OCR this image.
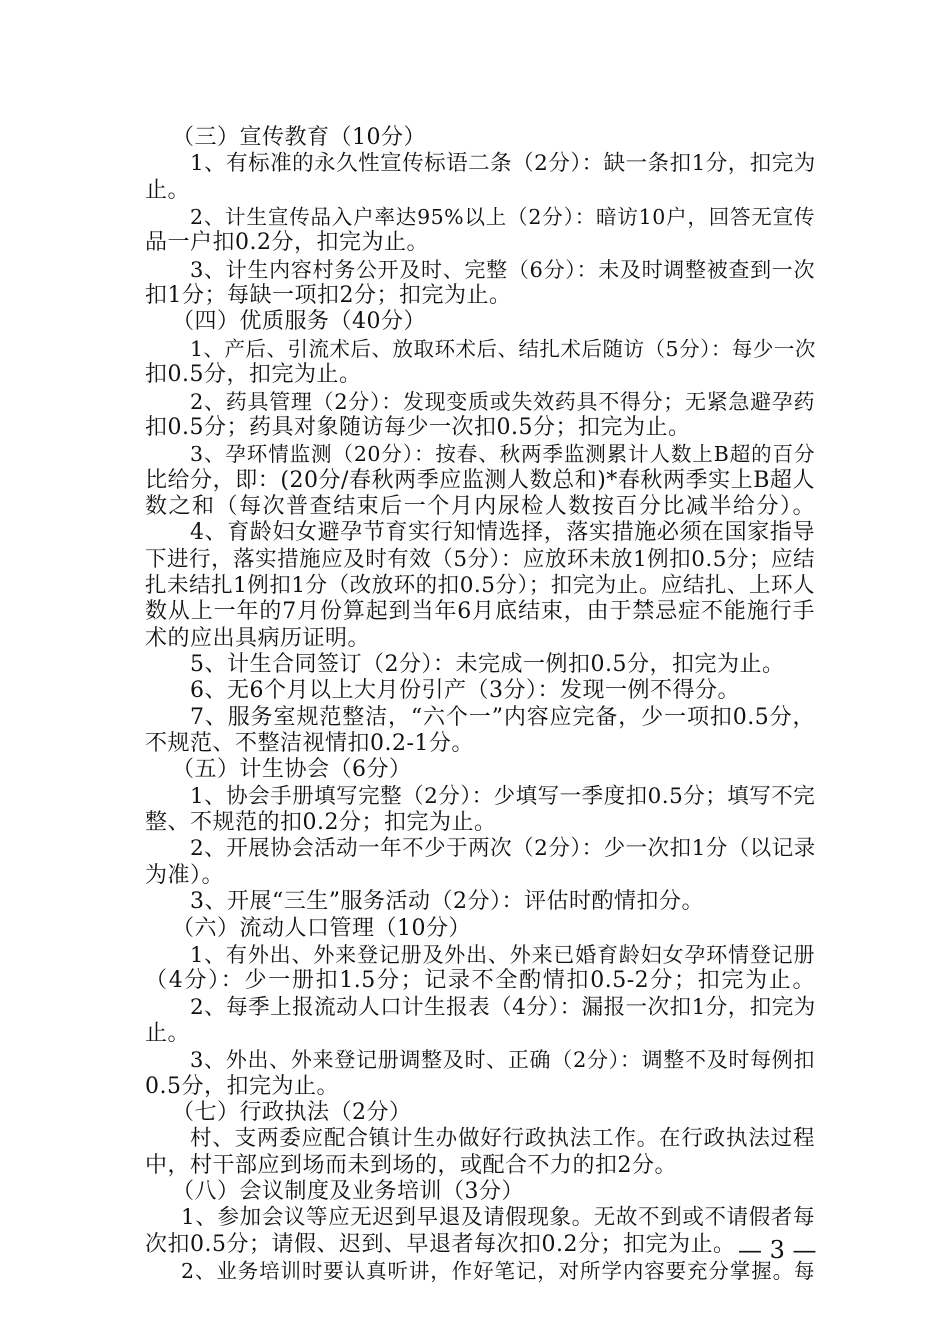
（三）宣传教育（10分）
1、有标准的永久性宣传标语二条（2分）：缺一条扣1分，扣完为
止。
2、计生宣传品入户率达95%以上（2分）：暗访10户，回答无宣传
品一户扣0.2分，扣完为止。
3、计生内容村务公开及时、完整（6分）：未及时调整被查到一次
扣1分；每缺一项扣2分；扣完为止。
（四）优质服务（40分）
1、产后、引流术后、放取环术后、结扎术后随访（5分）：每少一次
扣0.5分，扣完为止。
2、药具管理（2分）：发现变质或失效药具不得分；无紧急避孕药
扣0.5分；药具对象随访每少一次扣0.5分；扣完为止。
3、孕环情监测（20分）：按春、秋两季监测累计人数上B超的百分
比给分，即：(20分/春秋两季应监测人数总和)*春秋两季实上B超人
数之和（每次普查结束后一个月内尿检人数按百分比减半给分）。
4、育龄妇女避孕节育实行知情选择，落实措施必须在国家指导
下进行，落实措施应及时有效（5分）：应放环未放1例扣0.5分；应结
扎未结扎1例扣1分（改放环的扣0.5分）；扣完为止。应结扎、上环人
数从上一年的7月份算起到当年6月底结束，由于禁忌症不能施行手
术的应出具病历证明。
5、计生合同签订（2分）：未完成一例扣0.5分，扣完为止。
6、无6个月以上大月份引产（3分）：发现一例不得分。
7、服务室规范整洁，“六个一”内容应完备，少一项扣0.5分，
不规范、不整洁视情扣0.2-1分。
（五）计生协会（6分）
1、协会手册填写完整（2分）：少填写一季度扣0.5分；填写不完
整、不规范的扣0.2分；扣完为止。
2、开展协会活动一年不少于两次（2分）：少一次扣1分（以记录
为准）。
3、开展“三生”服务活动（2分）：评估时酌情扣分。
（六）流动人口管理（10分）
1、有外出、外来登记册及外出、外来已婚育龄妇女孕环情登记册
（4分）：少一册扣1.5分；记录不全酌情扣0.5-2分；扣完为止。
2、每季上报流动人口计生报表（4分）：漏报一次扣1分，扣完为
止。
3、外出、外来登记册调整及时、正确（2分）：调整不及时每例扣
0.5分，扣完为止。
（七）行政执法（2分）
村、支两委应配合镇计生办做好行政执法工作。在行政执法过程
中，村干部应到场而未到场的，或配合不力的扣2分。
（八）会议制度及业务培训（3分）
1、参加会议等应无迟到早退及请假现象。无故不到或不请假者每
次扣0.5分；请假、迟到、早退者每次扣0.2分；扣完为止。
2、业务培训时要认真听讲，作好笔记，对所学内容要充分掌握。每
— 3 —
